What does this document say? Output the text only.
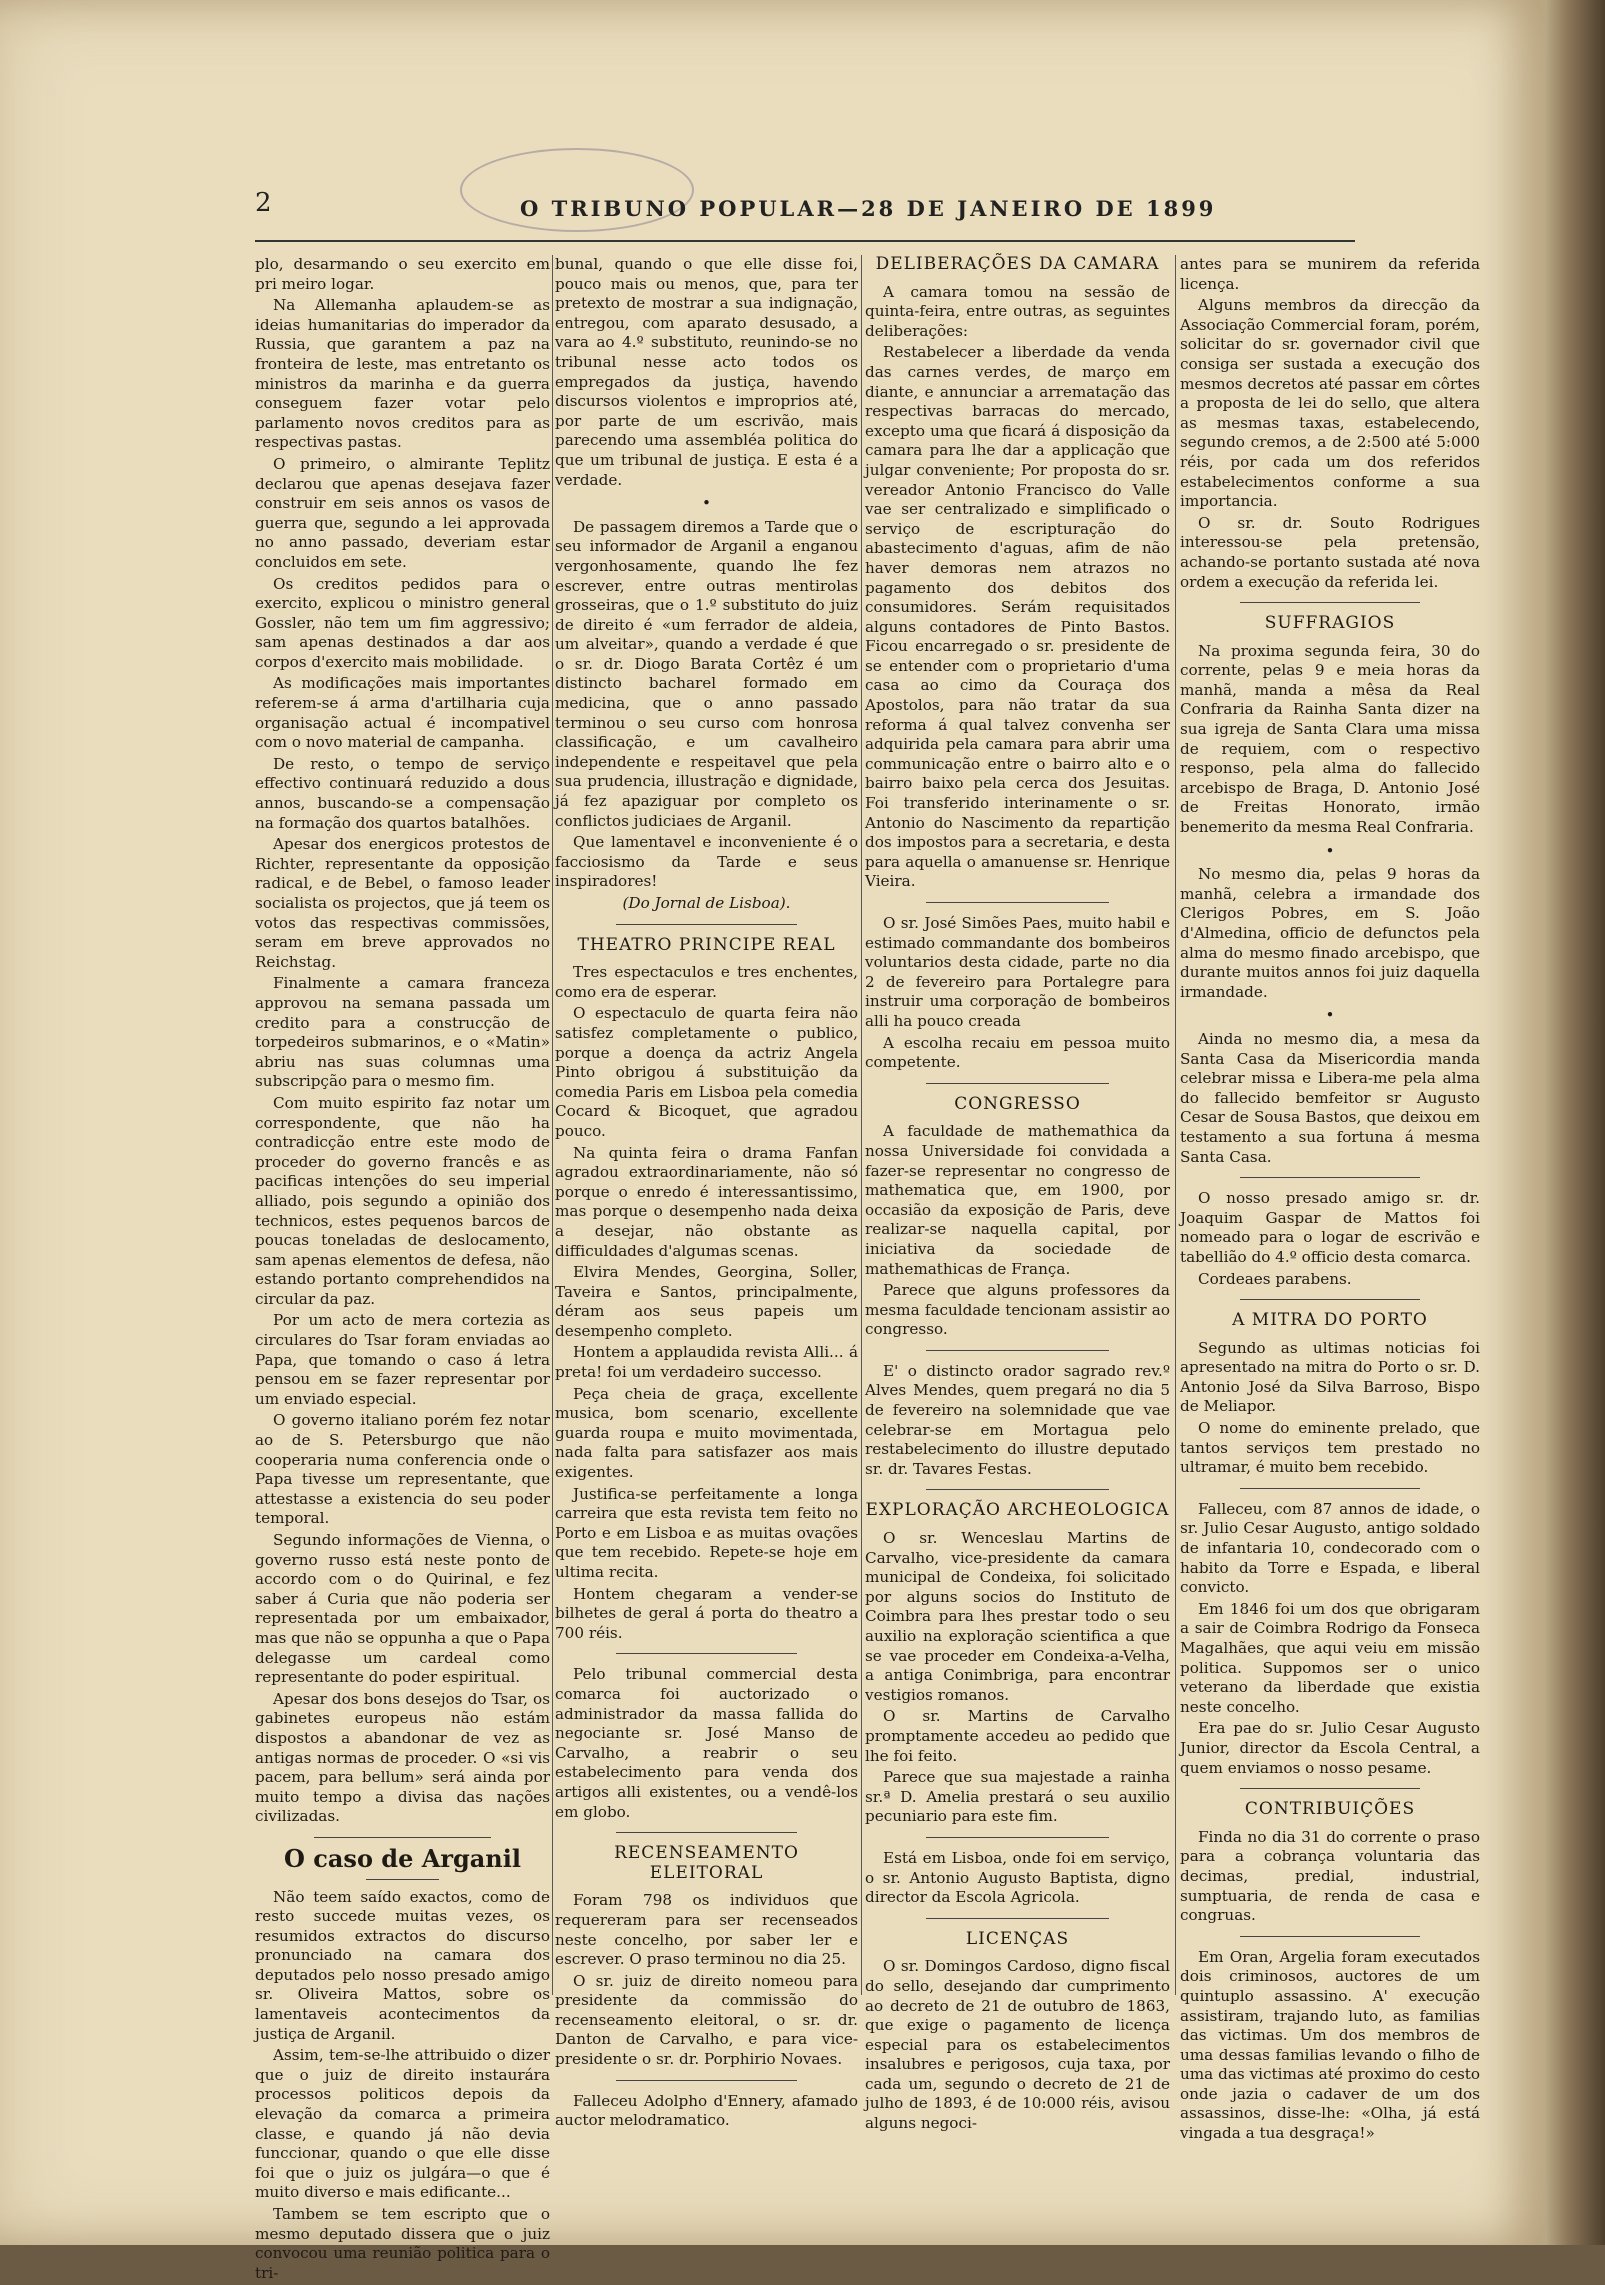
2	O TRIBUNO POPULAR—28 DE JANEIRO DE 1899

plo, desarmando o seu exercito em pri meiro logar.

Na Allemanha aplaudem-se as ideias humanitarias do imperador da Russia, que garantem a paz na fronteira de leste, mas entretanto os ministros da marinha e da guerra conseguem fazer votar pelo parlamento novos creditos para as respectivas pastas.

O primeiro, o almirante Teplitz declarou que apenas desejava fazer construir em seis annos os vasos de guerra que, segundo a lei approvada no anno passado, deveriam estar concluidos em sete.

Os creditos pedidos para o exercito, explicou o ministro general Gossler, não tem um fim aggressivo; sam apenas destinados a dar aos corpos d'exercito mais mobilidade.

As modificações mais importantes referem-se á arma d'artilharia cuja organisação actual é incompativel com o novo material de campanha.

De resto, o tempo de serviço effectivo continuará reduzido a dous annos, buscando-se a compensação na formação dos quartos batalhões.

Apesar dos energicos protestos de Richter, representante da opposição radical, e de Bebel, o famoso leader socialista os projectos, que já teem os votos das respectivas commissões, seram em breve approvados no Reichstag.

Finalmente a camara franceza approvou na semana passada um credito para a construcção de torpedeiros submarinos, e o «Matin» abriu nas suas columnas uma subscripção para o mesmo fim.

Com muito espirito faz notar um correspondente, que não ha contradicção entre este modo de proceder do governo francês e as pacificas intenções do seu imperial alliado, pois segundo a opinião dos technicos, estes pequenos barcos de poucas toneladas de deslocamento, sam apenas elementos de defesa, não estando portanto comprehendidos na circular da paz.

Por um acto de mera cortezia as circulares do Tsar foram enviadas ao Papa, que tomando o caso á letra pensou em se fazer representar por um enviado especial.

O governo italiano porém fez notar ao de S. Petersburgo que não cooperaria numa conferencia onde o Papa tivesse um representante, que attestasse a existencia do seu poder temporal.

Segundo informações de Vienna, o governo russo está neste ponto de accordo com o do Quirinal, e fez saber á Curia que não poderia ser representada por um embaixador, mas que não se oppunha a que o Papa delegasse um cardeal como representante do poder espiritual.

Apesar dos bons desejos do Tsar, os gabinetes europeus não estám dispostos a abandonar de vez as antigas normas de proceder. O «si vis pacem, para bellum» será ainda por muito tempo a divisa das nações civilizadas.

O caso de Arganil

Não teem saído exactos, como de resto succede muitas vezes, os resumidos extractos do discurso pronunciado na camara dos deputados pelo nosso presado amigo sr. Oliveira Mattos, sobre os lamentaveis acontecimentos da justiça de Arganil.

Assim, tem-se-lhe attribuido o dizer que o juiz de direito instaurára processos politicos depois da elevação da comarca a primeira classe, e quando já não devia funccionar, quando o que elle disse foi que o juiz os julgára—o que é muito diverso e mais edificante...

Tambem se tem escripto que o mesmo deputado dissera que o juiz convocou uma reunião politica para o tri-

bunal, quando o que elle disse foi, pouco mais ou menos, que, para ter pretexto de mostrar a sua indignação, entregou, com aparato desusado, a vara ao 4.º substituto, reunindo-se no tribunal nesse acto todos os empregados da justiça, havendo discursos violentos e improprios até, por parte de um escrivão, mais parecendo uma assembléa politica do que um tribunal de justiça. E esta é a verdade.

•

De passagem diremos a Tarde que o seu informador de Arganil a enganou vergonhosamente, quando lhe fez escrever, entre outras mentirolas grosseiras, que o 1.º substituto do juiz de direito é «um ferrador de aldeia, um alveitar», quando a verdade é que o sr. dr. Diogo Barata Cortêz é um distincto bacharel formado em medicina, que o anno passado terminou o seu curso com honrosa classificação, e um cavalheiro independente e respeitavel que pela sua prudencia, illustração e dignidade, já fez apaziguar por completo os conflictos judiciaes de Arganil.

Que lamentavel e inconveniente é o facciosismo da Tarde e seus inspiradores!

(Do Jornal de Lisboa).

THEATRO PRINCIPE REAL

Tres espectaculos e tres enchentes, como era de esperar.

O espectaculo de quarta feira não satisfez completamente o publico, porque a doença da actriz Angela Pinto obrigou á substituição da comedia Paris em Lisboa pela comedia Cocard & Bicoquet, que agradou pouco.

Na quinta feira o drama Fanfan agradou extraordinariamente, não só porque o enredo é interessantissimo, mas porque o desempenho nada deixa a desejar, não obstante as difficuldades d'algumas scenas.

Elvira Mendes, Georgina, Soller, Taveira e Santos, principalmente, déram aos seus papeis um desempenho completo.

Hontem a applaudida revista Alli... á preta! foi um verdadeiro successo.

Peça cheia de graça, excellente musica, bom scenario, excellente guarda roupa e muito movimentada, nada falta para satisfazer aos mais exigentes.

Justifica-se perfeitamente a longa carreira que esta revista tem feito no Porto e em Lisboa e as muitas ovações que tem recebido. Repete-se hoje em ultima recita.

Hontem chegaram a vender-se bilhetes de geral á porta do theatro a 700 réis.

Pelo tribunal commercial desta comarca foi auctorizado o administrador da massa fallida do negociante sr. José Manso de Carvalho, a reabrir o seu estabelecimento para venda dos artigos alli existentes, ou a vendê-los em globo.

RECENSEAMENTO ELEITORAL

Foram 798 os individuos que requereram para ser recenseados neste concelho, por saber ler e escrever. O praso terminou no dia 25.

O sr. juiz de direito nomeou para presidente da commissão do recenseamento eleitoral, o sr. dr. Danton de Carvalho, e para vice-presidente o sr. dr. Porphirio Novaes.

Falleceu Adolpho d'Ennery, afamado auctor melodramatico.

DELIBERAÇÕES DA CAMARA

A camara tomou na sessão de quinta-feira, entre outras, as seguintes deliberações:

Restabelecer a liberdade da venda das carnes verdes, de março em diante, e annunciar a arrematação das respectivas barracas do mercado, excepto uma que ficará á disposição da camara para lhe dar a applicação que julgar conveniente; Por proposta do sr. vereador Antonio Francisco do Valle vae ser centralizado e simplificado o serviço de escripturação do abastecimento d'aguas, afim de não haver demoras nem atrazos no pagamento dos debitos dos consumidores. Serám requisitados alguns contadores de Pinto Bastos. Ficou encarregado o sr. presidente de se entender com o proprietario d'uma casa ao cimo da Couraça dos Apostolos, para não tratar da sua reforma á qual talvez convenha ser adquirida pela camara para abrir uma communicação entre o bairro alto e o bairro baixo pela cerca dos Jesuitas. Foi transferido interinamente o sr. Antonio do Nascimento da repartição dos impostos para a secretaria, e desta para aquella o amanuense sr. Henrique Vieira.

O sr. José Simões Paes, muito habil e estimado commandante dos bombeiros voluntarios desta cidade, parte no dia 2 de fevereiro para Portalegre para instruir uma corporação de bombeiros alli ha pouco creada

A escolha recaiu em pessoa muito competente.

CONGRESSO

A faculdade de mathemathica da nossa Universidade foi convidada a fazer-se representar no congresso de mathematica que, em 1900, por occasião da exposição de Paris, deve realizar-se naquella capital, por iniciativa da sociedade de mathemathicas de França.

Parece que alguns professores da mesma faculdade tencionam assistir ao congresso.

E' o distincto orador sagrado rev.º Alves Mendes, quem pregará no dia 5 de fevereiro na solemnidade que vae celebrar-se em Mortagua pelo restabelecimento do illustre deputado sr. dr. Tavares Festas.

EXPLORAÇÃO ARCHEOLOGICA

O sr. Wenceslau Martins de Carvalho, vice-presidente da camara municipal de Condeixa, foi solicitado por alguns socios do Instituto de Coimbra para lhes prestar todo o seu auxilio na exploração scientifica a que se vae proceder em Condeixa-a-Velha, a antiga Conimbriga, para encontrar vestigios romanos.

O sr. Martins de Carvalho promptamente accedeu ao pedido que lhe foi feito.

Parece que sua majestade a rainha sr.ª D. Amelia prestará o seu auxilio pecuniario para este fim.

Está em Lisboa, onde foi em serviço, o sr. Antonio Augusto Baptista, digno director da Escola Agricola.

LICENÇAS

O sr. Domingos Cardoso, digno fiscal do sello, desejando dar cumprimento ao decreto de 21 de outubro de 1863, que exige o pagamento de licença especial para os estabelecimentos insalubres e perigosos, cuja taxa, por cada um, segundo o decreto de 21 de julho de 1893, é de 10:000 réis, avisou alguns negoci-

antes para se munirem da referida licença.

Alguns membros da direcção da Associação Commercial foram, porém, solicitar do sr. governador civil que consiga ser sustada a execução dos mesmos decretos até passar em côrtes a proposta de lei do sello, que altera as mesmas taxas, estabelecendo, segundo cremos, a de 2:500 até 5:000 réis, por cada um dos referidos estabelecimentos conforme a sua importancia.

O sr. dr. Souto Rodrigues interessou-se pela pretensão, achando-se portanto sustada até nova ordem a execução da referida lei.

SUFFRAGIOS

Na proxima segunda feira, 30 do corrente, pelas 9 e meia horas da manhã, manda a mêsa da Real Confraria da Rainha Santa dizer na sua igreja de Santa Clara uma missa de requiem, com o respectivo responso, pela alma do fallecido arcebispo de Braga, D. Antonio José de Freitas Honorato, irmão benemerito da mesma Real Confraria.

•

No mesmo dia, pelas 9 horas da manhã, celebra a irmandade dos Clerigos Pobres, em S. João d'Almedina, officio de defunctos pela alma do mesmo finado arcebispo, que durante muitos annos foi juiz daquella irmandade.

•

Ainda no mesmo dia, a mesa da Santa Casa da Misericordia manda celebrar missa e Libera-me pela alma do fallecido bemfeitor sr Augusto Cesar de Sousa Bastos, que deixou em testamento a sua fortuna á mesma Santa Casa.

O nosso presado amigo sr. dr. Joaquim Gaspar de Mattos foi nomeado para o logar de escrivão e tabellião do 4.º officio desta comarca.

Cordeaes parabens.

A MITRA DO PORTO

Segundo as ultimas noticias foi apresentado na mitra do Porto o sr. D. Antonio José da Silva Barroso, Bispo de Meliapor.

O nome do eminente prelado, que tantos serviços tem prestado no ultramar, é muito bem recebido.

Falleceu, com 87 annos de idade, o sr. Julio Cesar Augusto, antigo soldado de infantaria 10, condecorado com o habito da Torre e Espada, e liberal convicto.

Em 1846 foi um dos que obrigaram a sair de Coimbra Rodrigo da Fonseca Magalhães, que aqui veiu em missão politica. Suppomos ser o unico veterano da liberdade que existia neste concelho.

Era pae do sr. Julio Cesar Augusto Junior, director da Escola Central, a quem enviamos o nosso pesame.

CONTRIBUIÇÕES

Finda no dia 31 do corrente o praso para a cobrança voluntaria das decimas, predial, industrial, sumptuaria, de renda de casa e congruas.

Em Oran, Argelia foram executados dois criminosos, auctores de um quintuplo assassino. A' execução assistiram, trajando luto, as familias das victimas. Um dos membros de uma dessas familias levando o filho de uma das victimas até proximo do cesto onde jazia o cadaver de um dos assassinos, disse-lhe: «Olha, já está vingada a tua desgraça!»
